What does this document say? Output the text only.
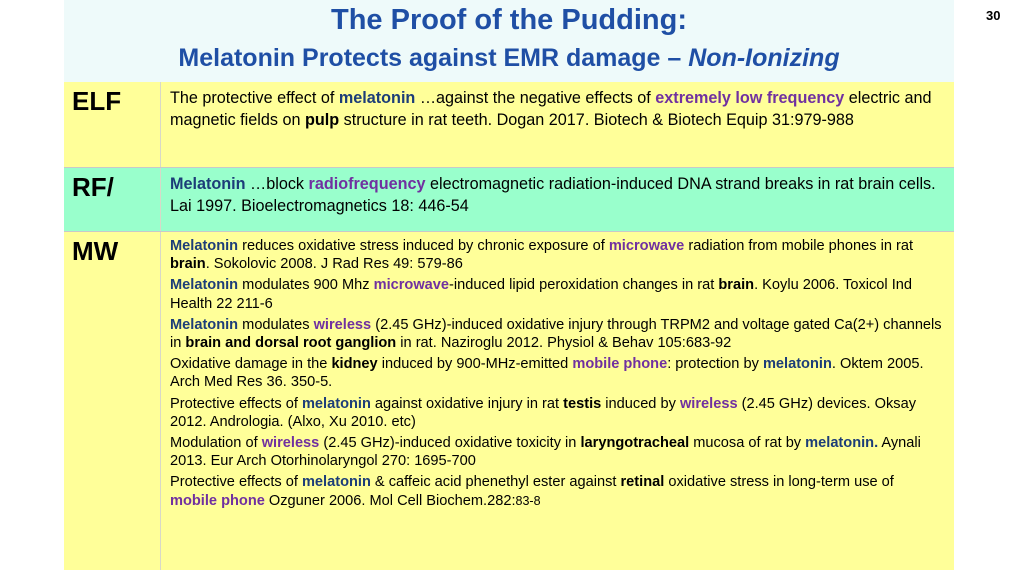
The Proof of the Pudding:
Melatonin Protects against EMR damage – Non-Ionizing
30
ELF	The protective effect of melatonin …against the negative effects of extremely low frequency electric and magnetic fields on pulp structure in rat teeth. Dogan 2017. Biotech & Biotech Equip 31:979-988
RF/	Melatonin …block radiofrequency electromagnetic radiation-induced DNA strand breaks in rat brain cells. Lai 1997. Bioelectromagnetics 18: 446-54
MW	Melatonin reduces oxidative stress induced by chronic exposure of microwave radiation from mobile phones in rat brain. Sokolovic 2008. J Rad Res 49: 579-86

Melatonin modulates 900 Mhz microwave-induced lipid peroxidation changes in rat brain. Koylu 2006. Toxicol Ind Health 22 211-6

Melatonin modulates wireless (2.45 GHz)-induced oxidative injury through TRPM2 and voltage gated Ca(2+) channels in brain and dorsal root ganglion in rat. Naziroglu 2012. Physiol & Behav 105:683-92

Oxidative damage in the kidney induced by 900-MHz-emitted mobile phone: protection by melatonin. Oktem 2005. Arch Med Res 36. 350-5.

Protective effects of melatonin against oxidative injury in rat testis induced by wireless (2.45 GHz) devices. Oksay 2012. Andrologia. (Alxo, Xu 2010. etc)

Modulation of wireless (2.45 GHz)-induced oxidative toxicity in laryngotracheal mucosa of rat by melatonin. Aynali 2013. Eur Arch Otorhinolaryngol 270: 1695-700

Protective effects of melatonin & caffeic acid phenethyl ester against retinal oxidative stress in long-term use of mobile phone Ozguner 2006. Mol Cell Biochem.282:83-8
